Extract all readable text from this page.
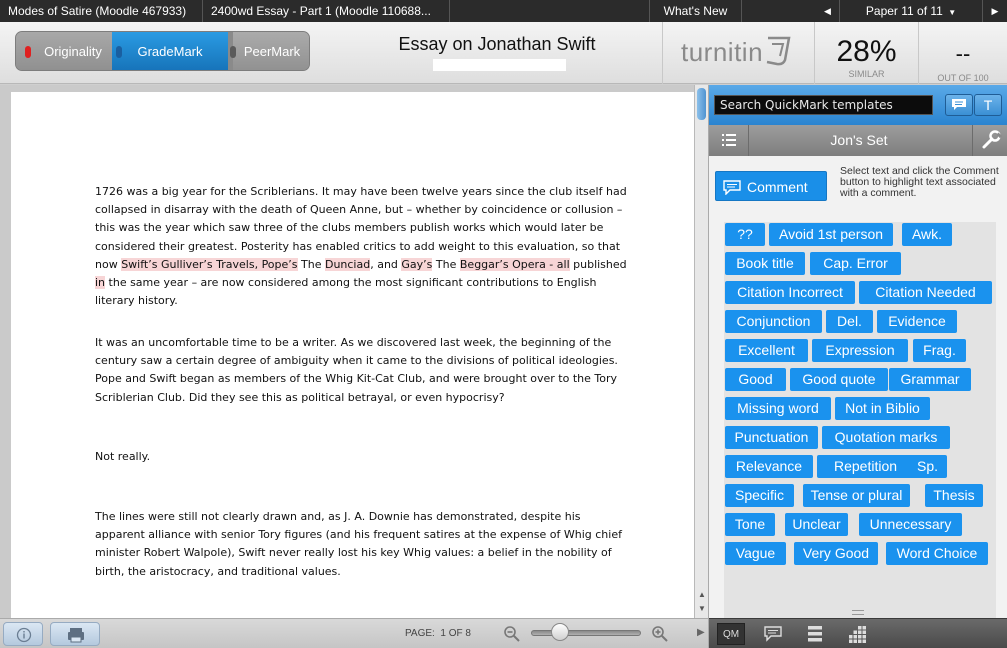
Modes of Satire (Moodle 467933)	2400wd Essay - Part 1 (Moodle 110688...	What's New	◀	Paper 11 of 11 ▼	▶
Originality	GradeMark	PeerMark	Essay on Jonathan Swift	turnitin	28%
SIMILAR
--
OUT OF 100
1726 was a big year for the Scriblerians. It may have been twelve years since the club itself had collapsed in disarray with the death of Queen Anne, but – whether by coincidence or collusion – this was the year which saw three of the clubs members publish works which would later be considered their greatest. Posterity has enabled critics to add weight to this evaluation, so that now Swift’s Gulliver’s Travels, Pope’s The Dunciad, and Gay’s The Beggar’s Opera - all published in the same year – are now considered among the most significant contributions to English literary history.
It was an uncomfortable time to be a writer. As we discovered last week, the beginning of the century saw a certain degree of ambiguity when it came to the divisions of political ideologies. Pope and Swift began as members of the Whig Kit-Cat Club, and were brought over to the Tory Scriblerian Club. Did they see this as political betrayal, or even hypocrisy?
Not really.
The lines were still not clearly drawn and, as J. A. Downie has demonstrated, despite his apparent alliance with senior Tory figures (and his frequent satires at the expense of Whig chief minister Robert Walpole), Swift never really lost his key Whig values: a belief in the nobility of birth, the aristocracy, and traditional values.
▲
▼
PAGE: 1 OF 8	▶
Search QuickMark templates
T
Jon's Set
Comment
Select text and click the Comment button to highlight text associated with a comment.
??	Avoid 1st person	Awk.
Book title	Cap. Error
Citation Incorrect	Citation Needed
Conjunction	Del.	Evidence
Excellent	Expression	Frag.
Good	Good quote	Grammar
Missing word	Not in Biblio
Punctuation	Quotation marks
Relevance	Repetition	Sp.
Specific	Tense or plural	Thesis
Tone	Unclear	Unnecessary
Vague	Very Good	Word Choice
QM
